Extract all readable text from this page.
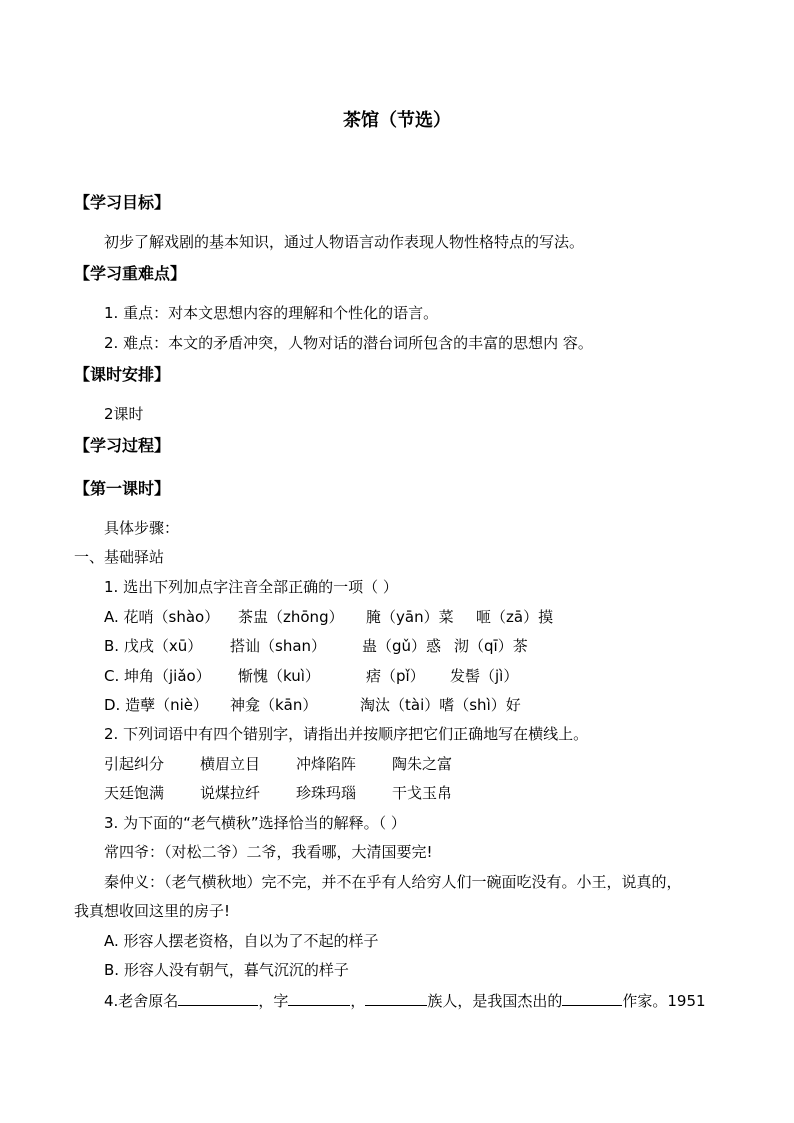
茶馆（节选）
【学习目标】
初步了解戏剧的基本知识，通过人物语言动作表现人物性格特点的写法。
【学习重难点】
1. 重点：对本文思想内容的理解和个性化的语言。
2. 难点：本文的矛盾冲突，人物对话的潜台词所包含的丰富的思想内 容。
【课时安排】
2课时
【学习过程】
【第一课时】
具体步骤：
一、基础驿站
1. 选出下列加点字注音全部正确的一项（ ）
A. 花哨（shào） 茶盅（zhōng） 腌（yān）菜 咂（zā）摸
B. 戊戌（xū） 搭讪（shan） 蛊（gǔ）惑 沏（qī）茶
C. 坤角（jiǎo） 惭愧（kuì）	痞（pǐ） 发髻（jì）
D. 造孽（niè） 神龛（kān）	淘汰（tài）嗜（shì）好
2. 下列词语中有四个错别字，请指出并按顺序把它们正确地写在横线上。
引起纠分 横眉立目 冲烽陷阵 陶朱之富
天廷饱满 说煤拉纤 珍珠玛瑙 干戈玉帛
3. 为下面的“老气横秋”选择恰当的解释。（ ）
常四爷：（对松二爷）二爷，我看哪，大清国要完!
秦仲义：（老气横秋地）完不完，并不在乎有人给穷人们一碗面吃没有。小王，说真的，
我真想收回这里的房子!
A. 形容人摆老资格，自以为了不起的样子
B. 形容人没有朝气，暮气沉沉的样子
4.老舍原名	，字	，	族人，是我国杰出的	作家。1951
